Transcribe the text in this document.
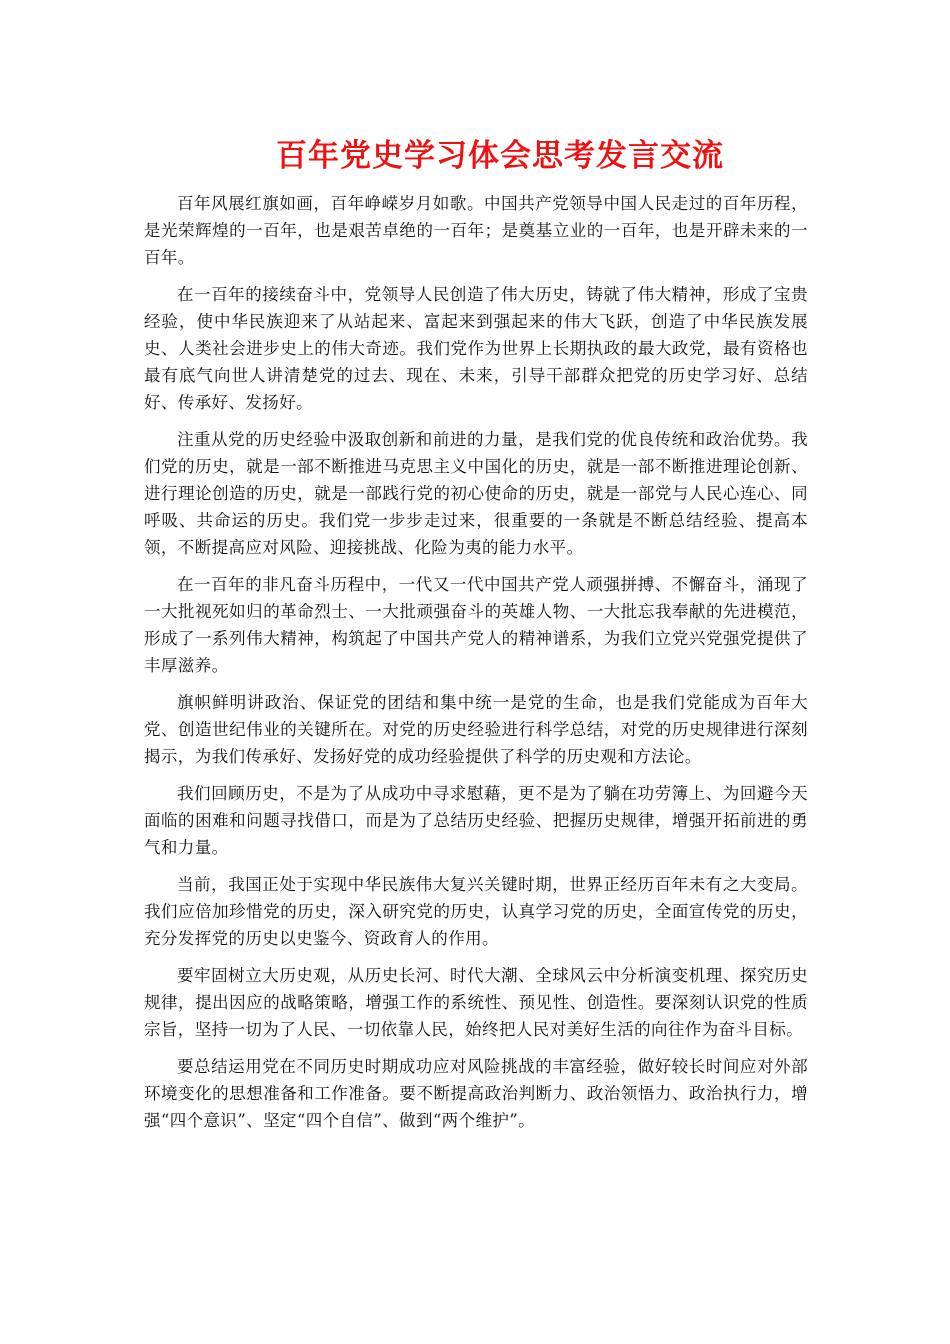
百年党史学习体会思考发言交流

百年风展红旗如画，百年峥嵘岁月如歌。中国共产党领导中国人民走过的百年历程，是光荣辉煌的一百年，也是艰苦卓绝的一百年；是奠基立业的一百年，也是开辟未来的一百年。

在一百年的接续奋斗中，党领导人民创造了伟大历史，铸就了伟大精神，形成了宝贵经验，使中华民族迎来了从站起来、富起来到强起来的伟大飞跃，创造了中华民族发展史、人类社会进步史上的伟大奇迹。我们党作为世界上长期执政的最大政党，最有资格也最有底气向世人讲清楚党的过去、现在、未来，引导干部群众把党的历史学习好、总结好、传承好、发扬好。

注重从党的历史经验中汲取创新和前进的力量，是我们党的优良传统和政治优势。我们党的历史，就是一部不断推进马克思主义中国化的历史，就是一部不断推进理论创新、进行理论创造的历史，就是一部践行党的初心使命的历史，就是一部党与人民心连心、同呼吸、共命运的历史。我们党一步步走过来，很重要的一条就是不断总结经验、提高本领，不断提高应对风险、迎接挑战、化险为夷的能力水平。

在一百年的非凡奋斗历程中，一代又一代中国共产党人顽强拼搏、不懈奋斗，涌现了一大批视死如归的革命烈士、一大批顽强奋斗的英雄人物、一大批忘我奉献的先进模范，形成了一系列伟大精神，构筑起了中国共产党人的精神谱系，为我们立党兴党强党提供了丰厚滋养。

旗帜鲜明讲政治、保证党的团结和集中统一是党的生命，也是我们党能成为百年大党、创造世纪伟业的关键所在。对党的历史经验进行科学总结，对党的历史规律进行深刻揭示，为我们传承好、发扬好党的成功经验提供了科学的历史观和方法论。

我们回顾历史，不是为了从成功中寻求慰藉，更不是为了躺在功劳簿上、为回避今天面临的困难和问题寻找借口，而是为了总结历史经验、把握历史规律，增强开拓前进的勇气和力量。

当前，我国正处于实现中华民族伟大复兴关键时期，世界正经历百年未有之大变局。我们应倍加珍惜党的历史，深入研究党的历史，认真学习党的历史，全面宣传党的历史，充分发挥党的历史以史鉴今、资政育人的作用。

要牢固树立大历史观，从历史长河、时代大潮、全球风云中分析演变机理、探究历史规律，提出因应的战略策略，增强工作的系统性、预见性、创造性。要深刻认识党的性质宗旨，坚持一切为了人民、一切依靠人民，始终把人民对美好生活的向往作为奋斗目标。

要总结运用党在不同历史时期成功应对风险挑战的丰富经验，做好较长时间应对外部环境变化的思想准备和工作准备。要不断提高政治判断力、政治领悟力、政治执行力，增强“四个意识”、坚定“四个自信”、做到“两个维护”。
